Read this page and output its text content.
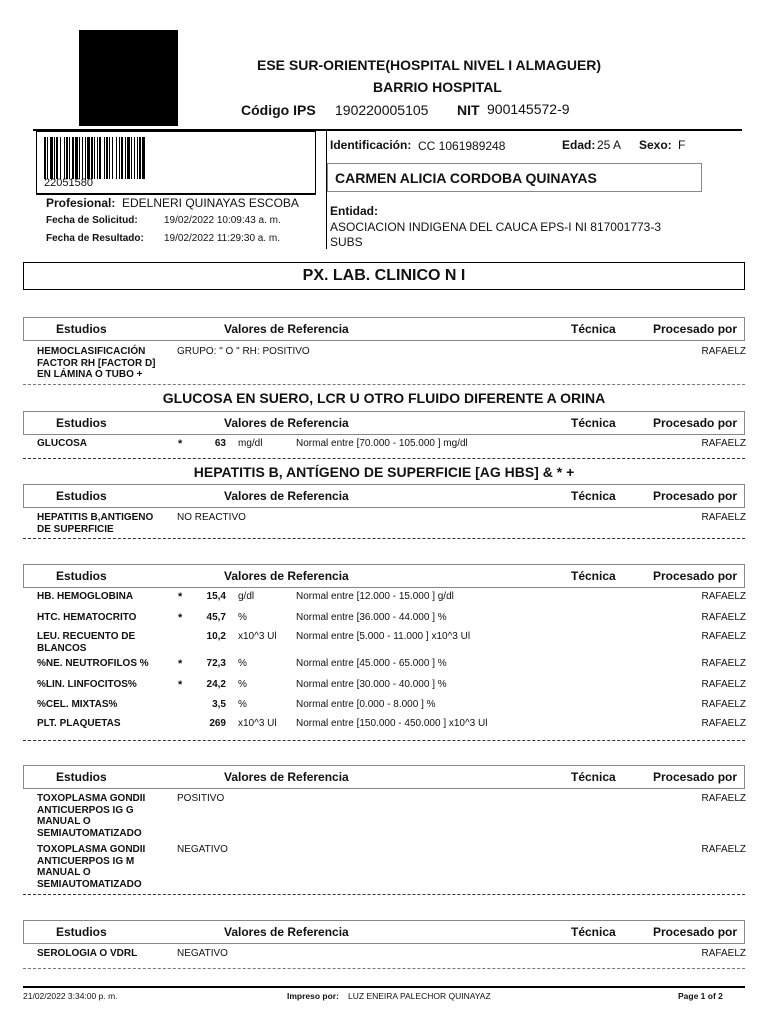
ESE SUR-ORIENTE(HOSPITAL NIVEL I ALMAGUER)
BARRIO HOSPITAL
Código IPS 190220005105 NIT 900145572-9
22051580
Profesional: EDELNERI QUINAYAS ESCOBA
Fecha de Solicitud:	19/02/2022 10:09:43 a. m.
Fecha de Resultado: 19/02/2022 11:29:30 a. m.
Identificación: CC 1061989248	Edad: 25 A Sexo: F
CARMEN ALICIA CORDOBA QUINAYAS
Entidad:
ASOCIACION INDIGENA DEL CAUCA EPS-I NI 817001773-3
SUBS
PX. LAB. CLINICO N I
Estudios	Valores de Referencia	Técnica	Procesado por
HEMOCLASIFICACIÓN FACTOR RH [FACTOR D] EN LÁMINA O TUBO +
GRUPO: " O " RH: POSITIVO	RAFAELZ
GLUCOSA EN SUERO, LCR U OTRO FLUIDO DIFERENTE A ORINA
Estudios	Valores de Referencia	Técnica	Procesado por
GLUCOSA	*	63 mg/dl	Normal entre [70.000 - 105.000 ] mg/dl	RAFAELZ
HEPATITIS B, ANTÍGENO DE SUPERFICIE [AG HBS] & * +
Estudios	Valores de Referencia	Técnica	Procesado por
HEPATITIS B,ANTIGENO DE SUPERFICIE
NO REACTIVO	RAFAELZ
Estudios	Valores de Referencia	Técnica	Procesado por
HB. HEMOGLOBINA	*	15,4 g/dl	Normal entre [12.000 - 15.000 ] g/dl	RAFAELZ
HTC. HEMATOCRITO	*	45,7 %	Normal entre [36.000 - 44.000 ] %	RAFAELZ
LEU. RECUENTO DE BLANCOS
10,2 x10^3 Ul Normal entre [5.000 - 11.000 ] x10^3 Ul	RAFAELZ
%NE. NEUTROFILOS %	*	72,3 %	Normal entre [45.000 - 65.000 ] %	RAFAELZ
%LIN. LINFOCITOS%	*	24,2 %	Normal entre [30.000 - 40.000 ] %	RAFAELZ
%CEL. MIXTAS%	3,5 %	Normal entre [0.000 - 8.000 ] %	RAFAELZ
PLT. PLAQUETAS	269 x10^3 Ul Normal entre [150.000 - 450.000 ] x10^3 Ul	RAFAELZ
Estudios	Valores de Referencia	Técnica	Procesado por
TOXOPLASMA GONDII ANTICUERPOS IG G MANUAL O SEMIAUTOMATIZADO
POSITIVO	RAFAELZ
TOXOPLASMA GONDII ANTICUERPOS IG M MANUAL O SEMIAUTOMATIZADO
NEGATIVO	RAFAELZ
Estudios	Valores de Referencia	Técnica	Procesado por
SEROLOGIA O VDRL	NEGATIVO	RAFAELZ
21/02/2022 3:34:00 p. m.	Impreso por: LUZ ENEIRA PALECHOR QUINAYAZ	Page 1 of 2
